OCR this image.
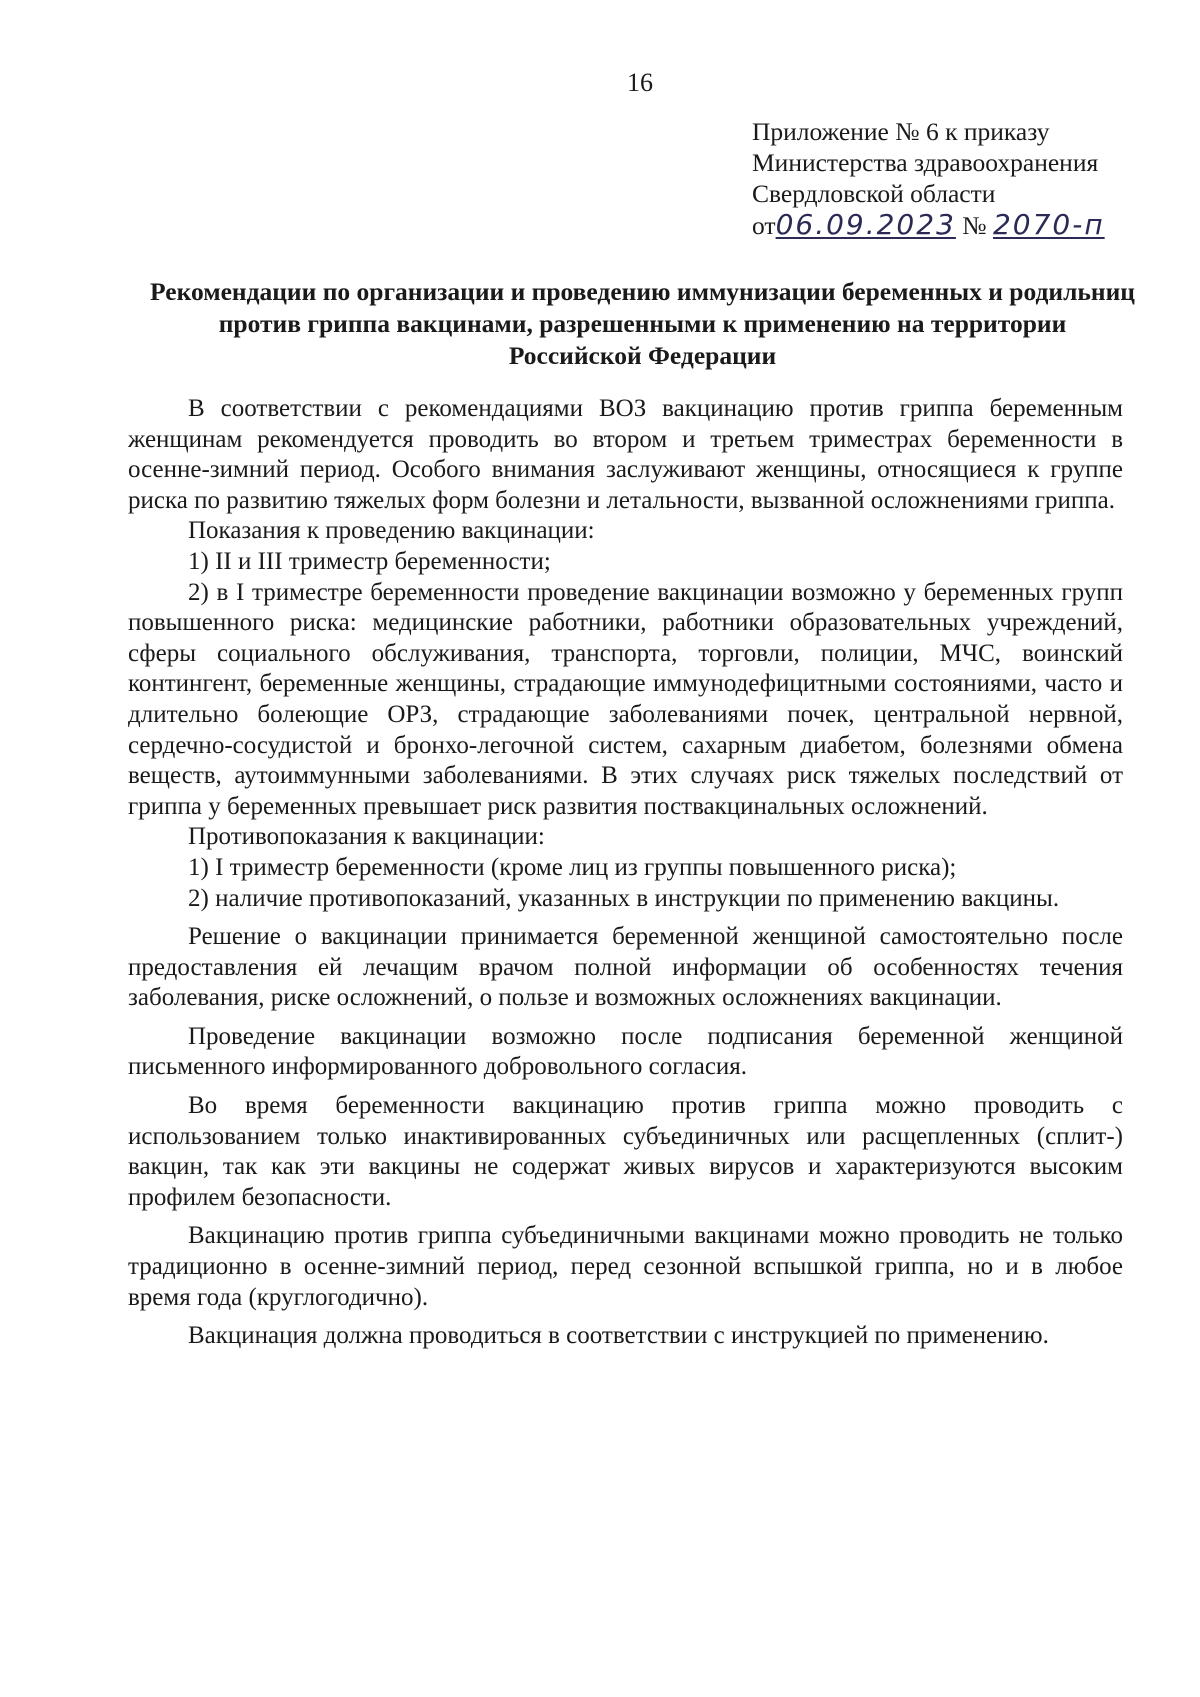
16
Приложение № 6 к приказу
Министерства здравоохранения
Свердловской области
от06.09.2023 № 2070-п
Рекомендации по организации и проведению иммунизации беременных и родильниц против гриппа вакцинами, разрешенными к применению на территории Российской Федерации

В соответствии с рекомендациями ВОЗ вакцинацию против гриппа беременным женщинам рекомендуется проводить во втором и третьем триместрах беременности в осенне-зимний период. Особого внимания заслуживают женщины, относящиеся к группе риска по развитию тяжелых форм болезни и летальности, вызванной осложнениями гриппа.

Показания к проведению вакцинации:

1) II и III триместр беременности;

2) в I триместре беременности проведение вакцинации возможно у беременных групп повышенного риска: медицинские работники, работники образовательных учреждений, сферы социального обслуживания, транспорта, торговли, полиции, МЧС, воинский контингент, беременные женщины, страдающие иммунодефицитными состояниями, часто и длительно болеющие ОРЗ, страдающие заболеваниями почек, центральной нервной, сердечно-сосудистой и бронхо-легочной систем, сахарным диабетом, болезнями обмена веществ, аутоиммунными заболеваниями. В этих случаях риск тяжелых последствий от гриппа у беременных превышает риск развития поствакцинальных осложнений.

Противопоказания к вакцинации:

1) I триместр беременности (кроме лиц из группы повышенного риска);

2) наличие противопоказаний, указанных в инструкции по применению вакцины.

Решение о вакцинации принимается беременной женщиной самостоятельно после предоставления ей лечащим врачом полной информации об особенностях течения заболевания, риске осложнений, о пользе и возможных осложнениях вакцинации.

Проведение вакцинации возможно после подписания беременной женщиной письменного информированного добровольного согласия.

Во время беременности вакцинацию против гриппа можно проводить с использованием только инактивированных субъединичных или расщепленных (сплит-) вакцин, так как эти вакцины не содержат живых вирусов и характеризуются высоким профилем безопасности.

Вакцинацию против гриппа субъединичными вакцинами можно проводить не только традиционно в осенне-зимний период, перед сезонной вспышкой гриппа, но и в любое время года (круглогодично).

Вакцинация должна проводиться в соответствии с инструкцией по применению.
